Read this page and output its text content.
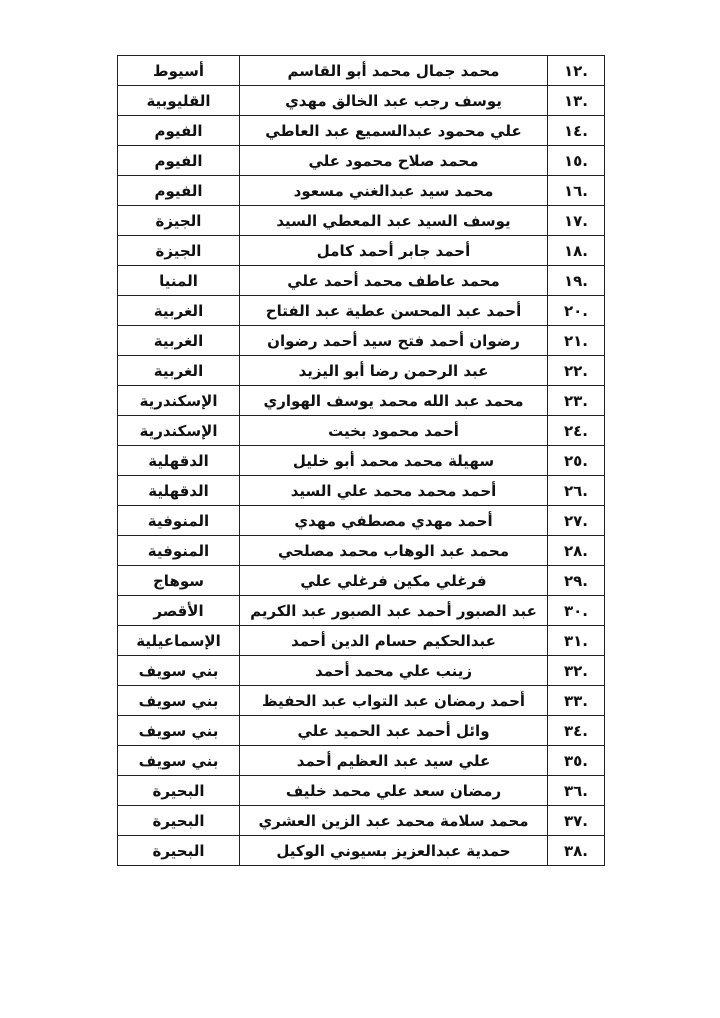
.١٢	محمد جمال محمد أبو القاسم	أسيوط
.١٣	يوسف رجب عبد الخالق مهدي	القليوبية
.١٤	علي محمود عبدالسميع عبد العاطي	الفيوم
.١٥	محمد صلاح محمود علي	الفيوم
.١٦	محمد سيد عبدالغني مسعود	الفيوم
.١٧	يوسف السيد عبد المعطي السيد	الجيزة
.١٨	أحمد جابر أحمد كامل	الجيزة
.١٩	محمد عاطف محمد أحمد علي	المنيا
.٢٠	أحمد عبد المحسن عطية عبد الفتاح	الغربية
.٢١	رضوان أحمد فتح سيد أحمد رضوان	الغربية
.٢٢	عبد الرحمن رضا أبو اليزيد	الغربية
.٢٣	محمد عبد الله محمد يوسف الهواري	الإسكندرية
.٢٤	أحمد محمود بخيت	الإسكندرية
.٢٥	سهيلة محمد محمد أبو خليل	الدقهلية
.٢٦	أحمد محمد محمد علي السيد	الدقهلية
.٢٧	أحمد مهدي مصطفي مهدي	المنوفية
.٢٨	محمد عبد الوهاب محمد مصلحي	المنوفية
.٢٩	فرغلي مكين فرغلي علي	سوهاج
.٣٠	عبد الصبور أحمد عبد الصبور عبد الكريم	الأقصر
.٣١	عبدالحكيم حسام الدين أحمد	الإسماعيلية
.٣٢	زينب علي محمد أحمد	بني سويف
.٣٣	أحمد رمضان عبد التواب عبد الحفيظ	بني سويف
.٣٤	وائل أحمد عبد الحميد علي	بني سويف
.٣٥	علي سيد عبد العظيم أحمد	بني سويف
.٣٦	رمضان سعد علي محمد خليف	البحيرة
.٣٧	محمد سلامة محمد عبد الزين العشري	البحيرة
.٣٨	حمدية عبدالعزيز بسيوني الوكيل	البحيرة
